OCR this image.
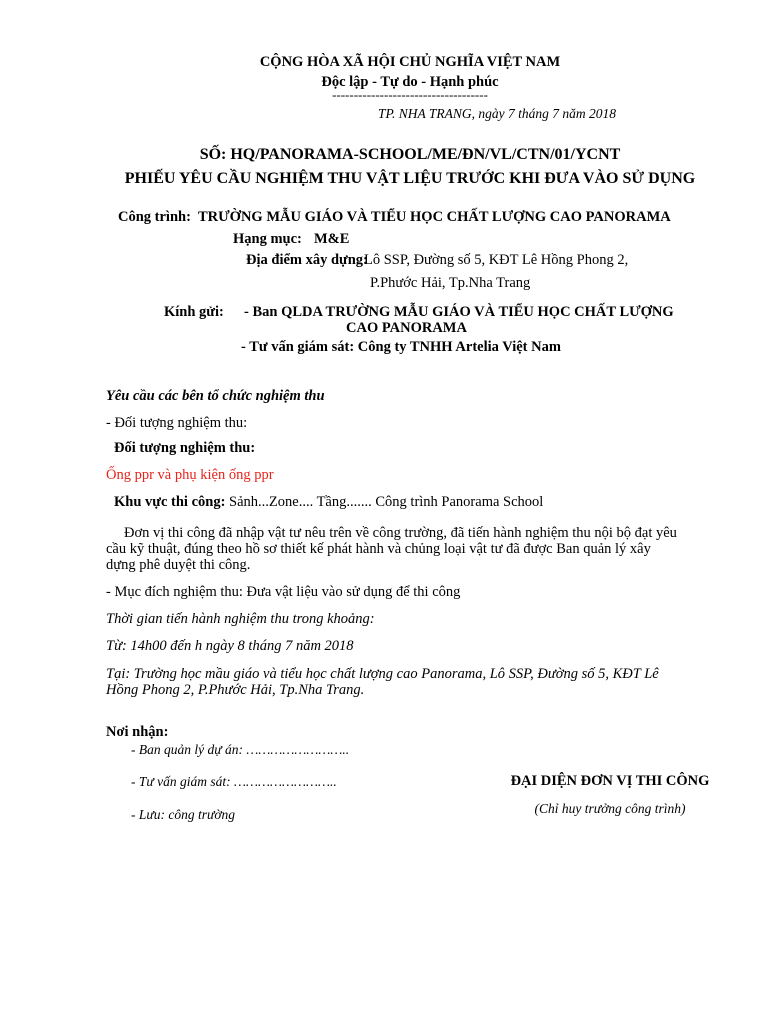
CỘNG HÒA XÃ HỘI CHỦ NGHĨA VIỆT NAM
Độc lập - Tự do - Hạnh phúc
------------------------------------
TP. NHA TRANG, ngày 7 tháng 7 năm 2018
SỐ: HQ/PANORAMA-SCHOOL/ME/ĐN/VL/CTN/01/YCNT
PHIẾU YÊU CẦU NGHIỆM THU VẬT LIỆU TRƯỚC KHI ĐƯA VÀO SỬ DỤNG
Công trình: TRƯỜNG MẪU GIÁO VÀ TIỂU HỌC CHẤT LƯỢNG CAO PANORAMA
Hạng mục: M&E
Địa điểm xây dựng:
Lô SSP, Đường số 5, KĐT Lê Hồng Phong 2,
P.Phước Hải, Tp.Nha Trang
Kính gửi: - Ban QLDA TRƯỜNG MẪU GIÁO VÀ TIỂU HỌC CHẤT LƯỢNG
CAO PANORAMA
- Tư vấn giám sát: Công ty TNHH Artelia Việt Nam
Yêu cầu các bên tổ chức nghiệm thu
- Đối tượng nghiệm thu:
Đối tượng nghiệm thu:
Ống ppr và phụ kiện ống ppr
Khu vực thi công: Sảnh...Zone.... Tầng....... Công trình Panorama School
Đơn vị thi công đã nhập vật tư nêu trên về công trường, đã tiến hành nghiệm thu nội bộ đạt yêu
cầu kỹ thuật, đúng theo hồ sơ thiết kế phát hành và chủng loại vật tư đã được Ban quản lý xây
dựng phê duyệt thi công.
- Mục đích nghiệm thu: Đưa vật liệu vào sử dụng để thi công
Thời gian tiến hành nghiệm thu trong khoảng:
Từ: 14h00 đến h ngày 8 tháng 7 năm 2018
Tại: Trường học mầu giáo và tiểu học chất lượng cao Panorama, Lô SSP, Đường số 5, KĐT Lê
Hồng Phong 2, P.Phước Hải, Tp.Nha Trang.
Nơi nhận:
- Ban quản lý dự án: ……………………..
- Tư vấn giám sát: ……………………..
- Lưu: công trường
ĐẠI DIỆN ĐƠN VỊ THI CÔNG
(Chỉ huy trưởng công trình)
